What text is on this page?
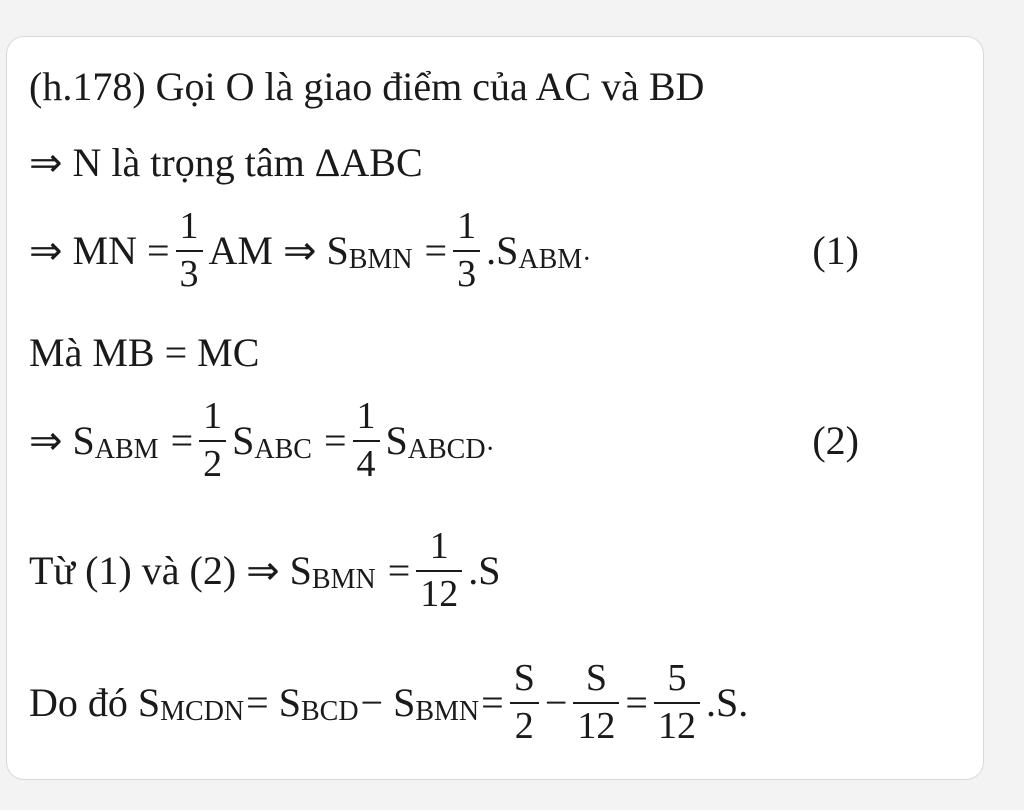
(h.178) Gọi O là giao điểm của AC và BD
⇒ N là trọng tâm ΔABC
⇒ MN = $\frac{1}{3}$ AM ⇒ S BMN = $\frac{1}{3} .S$ ABM·	(1)
Mà MB = MC
⇒ S ABM = $\frac{1}{2}$ S ABC = $\frac{1}{4}$ S ABCD·	(2)
Từ (1) và (2) ⇒ S BMN = $\frac{1}{12} .S$
Do đó S MCDN = S BCD − S BMN = $\frac{S}{2} - \frac{S}{12} = \frac{5}{12} .S$.
